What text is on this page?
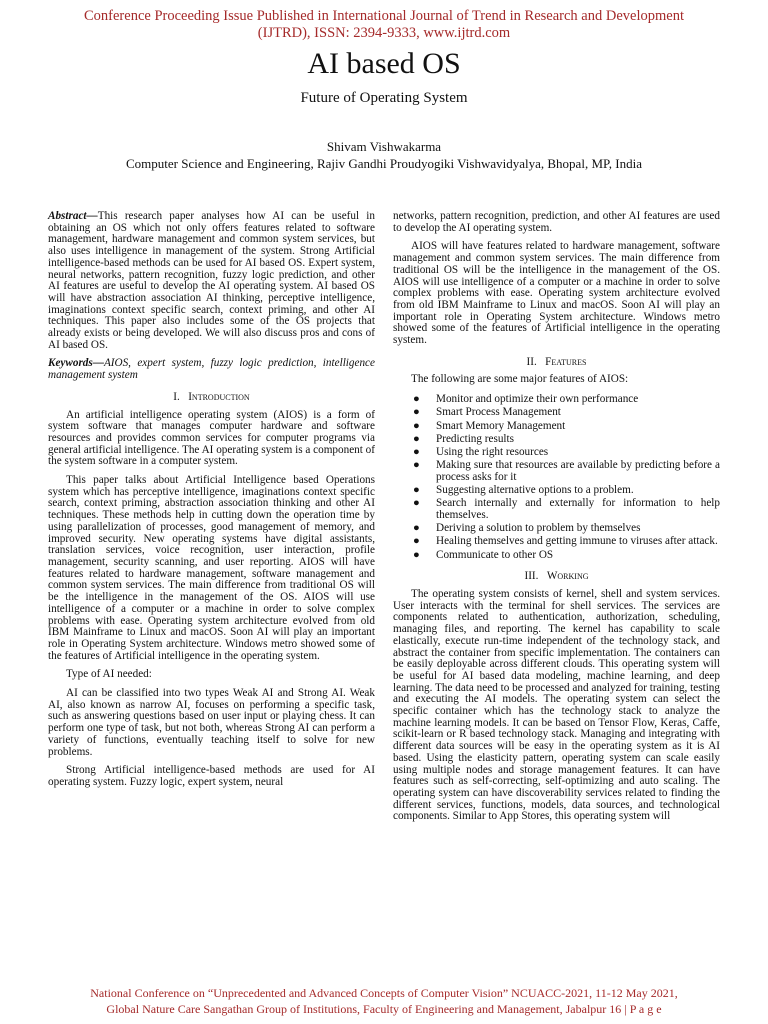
Conference Proceeding Issue Published in International Journal of Trend in Research and Development
(IJTRD), ISSN: 2394-9333, www.ijtrd.com
AI based OS
Future of Operating System
Shivam Vishwakarma
Computer Science and Engineering, Rajiv Gandhi Proudyogiki Vishwavidyalya, Bhopal, MP, India

Abstract—This research paper analyses how AI can be useful in obtaining an OS which not only offers features related to software management, hardware management and common system services, but also uses intelligence in management of the system. Strong Artificial intelligence-based methods can be used for AI based OS. Expert system, neural networks, pattern recognition, fuzzy logic prediction, and other AI features are useful to develop the AI operating system. AI based OS will have abstraction association AI thinking, perceptive intelligence, imaginations context specific search, context priming, and other AI techniques. This paper also includes some of the OS projects that already exists or being developed. We will also discuss pros and cons of AI based OS.

Keywords—AIOS, expert system, fuzzy logic prediction, intelligence management system

I. Introduction

An artificial intelligence operating system (AIOS) is a form of system software that manages computer hardware and software resources and provides common services for computer programs via general artificial intelligence. The AI operating system is a component of the system software in a computer system.

This paper talks about Artificial Intelligence based Operations system which has perceptive intelligence, imaginations context specific search, context priming, abstraction association thinking and other AI techniques. These methods help in cutting down the operation time by using parallelization of processes, good management of memory, and improved security. New operating systems have digital assistants, translation services, voice recognition, user interaction, profile management, security scanning, and user reporting. AIOS will have features related to hardware management, software management and common system services. The main difference from traditional OS will be the intelligence in the management of the OS. AIOS will use intelligence of a computer or a machine in order to solve complex problems with ease. Operating system architecture evolved from old IBM Mainframe to Linux and macOS. Soon AI will play an important role in Operating System architecture. Windows metro showed some of the features of Artificial intelligence in the operating system.

Type of AI needed:

AI can be classified into two types Weak AI and Strong AI. Weak AI, also known as narrow AI, focuses on performing a specific task, such as answering questions based on user input or playing chess. It can perform one type of task, but not both, whereas Strong AI can perform a variety of functions, eventually teaching itself to solve for new problems.

Strong Artificial intelligence-based methods are used for AI operating system. Fuzzy logic, expert system, neural

networks, pattern recognition, prediction, and other AI features are used to develop the AI operating system.

AIOS will have features related to hardware management, software management and common system services. The main difference from traditional OS will be the intelligence in the management of the OS. AIOS will use intelligence of a computer or a machine in order to solve complex problems with ease. Operating system architecture evolved from old IBM Mainframe to Linux and macOS. Soon AI will play an important role in Operating System architecture. Windows metro showed some of the features of Artificial intelligence in the operating system.

II. Features

The following are some major features of AIOS:

● Monitor and optimize their own performance
● Smart Process Management
● Smart Memory Management
● Predicting results
● Using the right resources
● Making sure that resources are available by predicting before a process asks for it
● Suggesting alternative options to a problem.
● Search internally and externally for information to help themselves.
● Deriving a solution to problem by themselves
● Healing themselves and getting immune to viruses after attack.
● Communicate to other OS
III. Working

The operating system consists of kernel, shell and system services. User interacts with the terminal for shell services. The services are components related to authentication, authorization, scheduling, managing files, and reporting. The kernel has capability to scale elastically, execute run-time independent of the technology stack, and abstract the container from specific implementation. The containers can be easily deployable across different clouds. This operating system will be useful for AI based data modeling, machine learning, and deep learning. The data need to be processed and analyzed for training, testing and executing the AI models. The operating system can select the specific container which has the technology stack to analyze the machine learning models. It can be based on Tensor Flow, Keras, Caffe, scikit-learn or R based technology stack. Managing and integrating with different data sources will be easy in the operating system as it is AI based. Using the elasticity pattern, operating system can scale easily using multiple nodes and storage management features. It can have features such as self-correcting, self-optimizing and auto scaling. The operating system can have discoverability services related to finding the different services, functions, models, data sources, and technological components. Similar to App Stores, this operating system will

National Conference on “Unprecedented and Advanced Concepts of Computer Vision” NCUACC-2021, 11-12 May 2021,
Global Nature Care Sangathan Group of Institutions, Faculty of Engineering and Management, Jabalpur 16 | P a g e
